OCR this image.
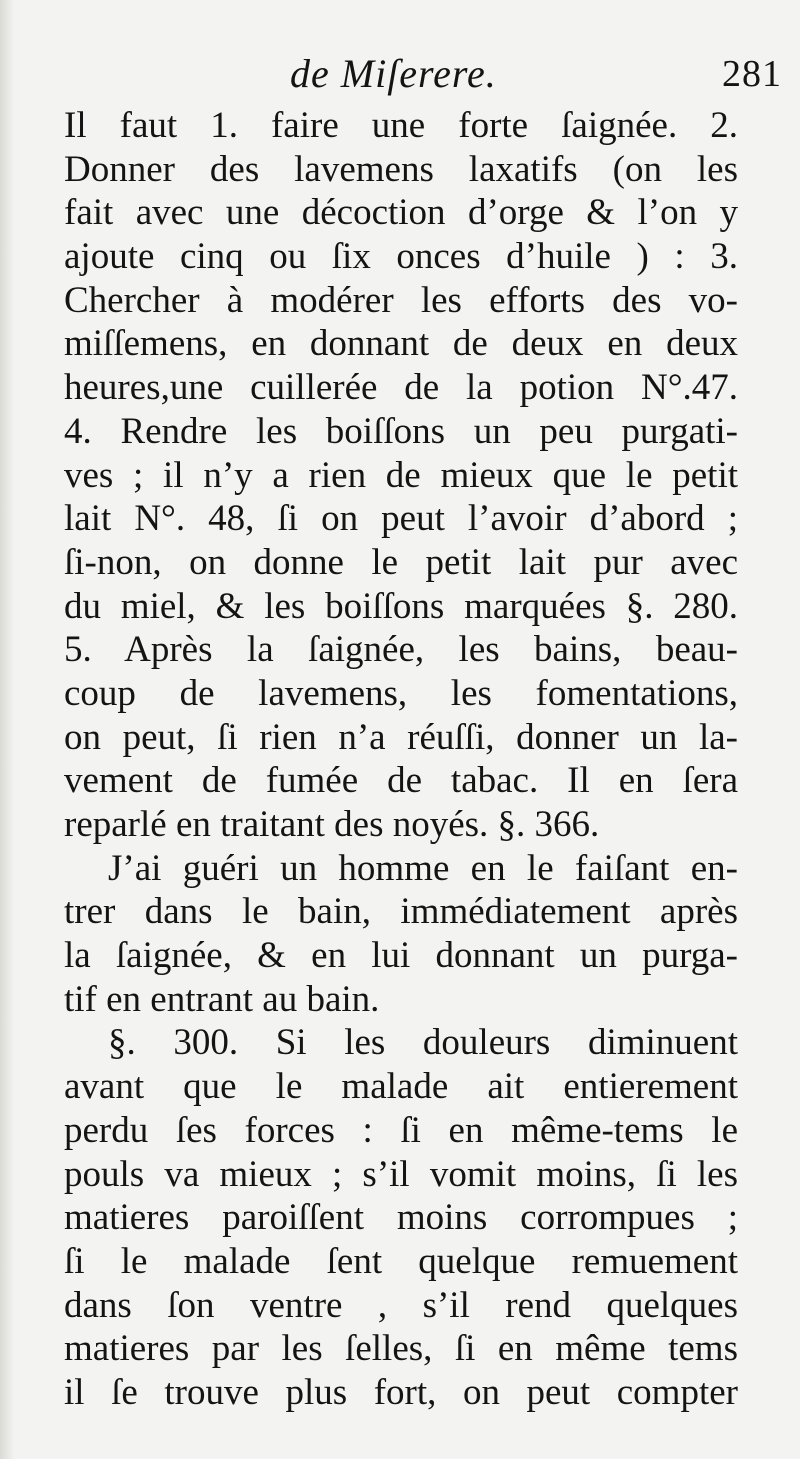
de Miſerere.	281
Il faut 1. faire une forte ſaignée. 2.
Donner des lavemens laxatifs (on les
fait avec une décoction d’orge & l’on y
ajoute cinq ou ſix onces d’huile ) : 3.
Chercher à modérer les efforts des vo-
miſſemens, en donnant de deux en deux
heures,une cuillerée de la potion N°.47.
4. Rendre les boiſſons un peu purgati-
ves ; il n’y a rien de mieux que le petit
lait N°. 48, ſi on peut l’avoir d’abord ;
ſi-non, on donne le petit lait pur avec
du miel, & les boiſſons marquées §. 280.
5. Après la ſaignée, les bains, beau-
coup de lavemens, les fomentations,
on peut, ſi rien n’a réuſſi, donner un la-
vement de fumée de tabac. Il en ſera
reparlé en traitant des noyés. §. 366.
J’ai guéri un homme en le faiſant en-
trer dans le bain, immédiatement après
la ſaignée, & en lui donnant un purga-
tif en entrant au bain.
§. 300. Si les douleurs diminuent
avant que le malade ait entierement
perdu ſes forces : ſi en même-tems le
pouls va mieux ; s’il vomit moins, ſi les
matieres paroiſſent moins corrompues ;
ſi le malade ſent quelque remuement
dans ſon ventre , s’il rend quelques
matieres par les ſelles, ſi en même tems
il ſe trouve plus fort, on peut compter
